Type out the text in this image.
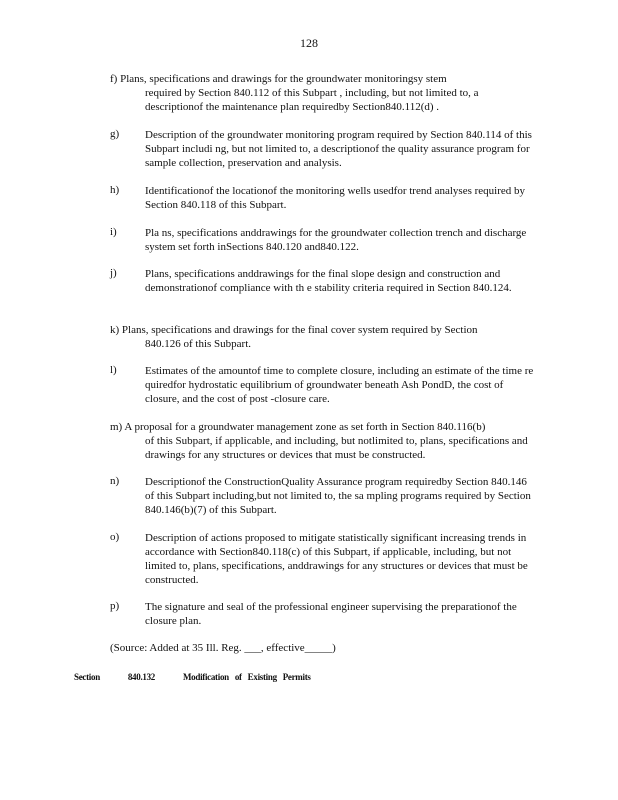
128
f) Plans, specifications and drawings for the groundwater monitoringsy stem
required by Section 840.112 of this Subpart , including, but not limited to, a descriptionof the maintenance plan requiredby Section840.112(d) .
g) Description of the groundwater monitoring program required by Section 840.114 of this Subpart includi ng, but not limited to, a descriptionof the quality assurance program for sample collection, preservation and analysis.
h) Identificationof the locationof the monitoring wells usedfor trend analyses required by Section 840.118 of this Subpart.
i)	Pla ns, specifications anddrawings for the groundwater collection trench and discharge system set forth inSections 840.120 and840.122.
j)	Plans, specifications anddrawings for the final slope design and construction and demonstrationof compliance with th e stability criteria required in Section 840.124.
k) Plans, specifications and drawings for the final cover system required by Section
840.126 of this Subpart.
l)	Estimates of the amountof time to complete closure, including an estimate of the time re quiredfor hydrostatic equilibrium of groundwater beneath Ash PondD, the cost of closure, and the cost of post -closure care.
m) A proposal for a groundwater management zone as set forth in Section 840.116(b)
of this Subpart, if applicable, and including, but notlimited to, plans, specifications and drawings for any structures or devices that must be constructed.
n) Descriptionof the ConstructionQuality Assurance program requiredby Section 840.146 of this Subpart including,but not limited to, the sa mpling programs required by Section 840.146(b)(7) of this Subpart.
o) Description of actions proposed to mitigate statistically significant increasing trends in accordance with Section840.118(c) of this Subpart, if applicable, including, but not limited to, plans, specifications, anddrawings for any structures or devices that must be constructed.
p) The signature and seal of the professional engineer supervising the preparationof the closure plan.
(Source: Added at 35 Ill. Reg. ___, effective_____)
Section	840.132	Modification of Existing Permits
